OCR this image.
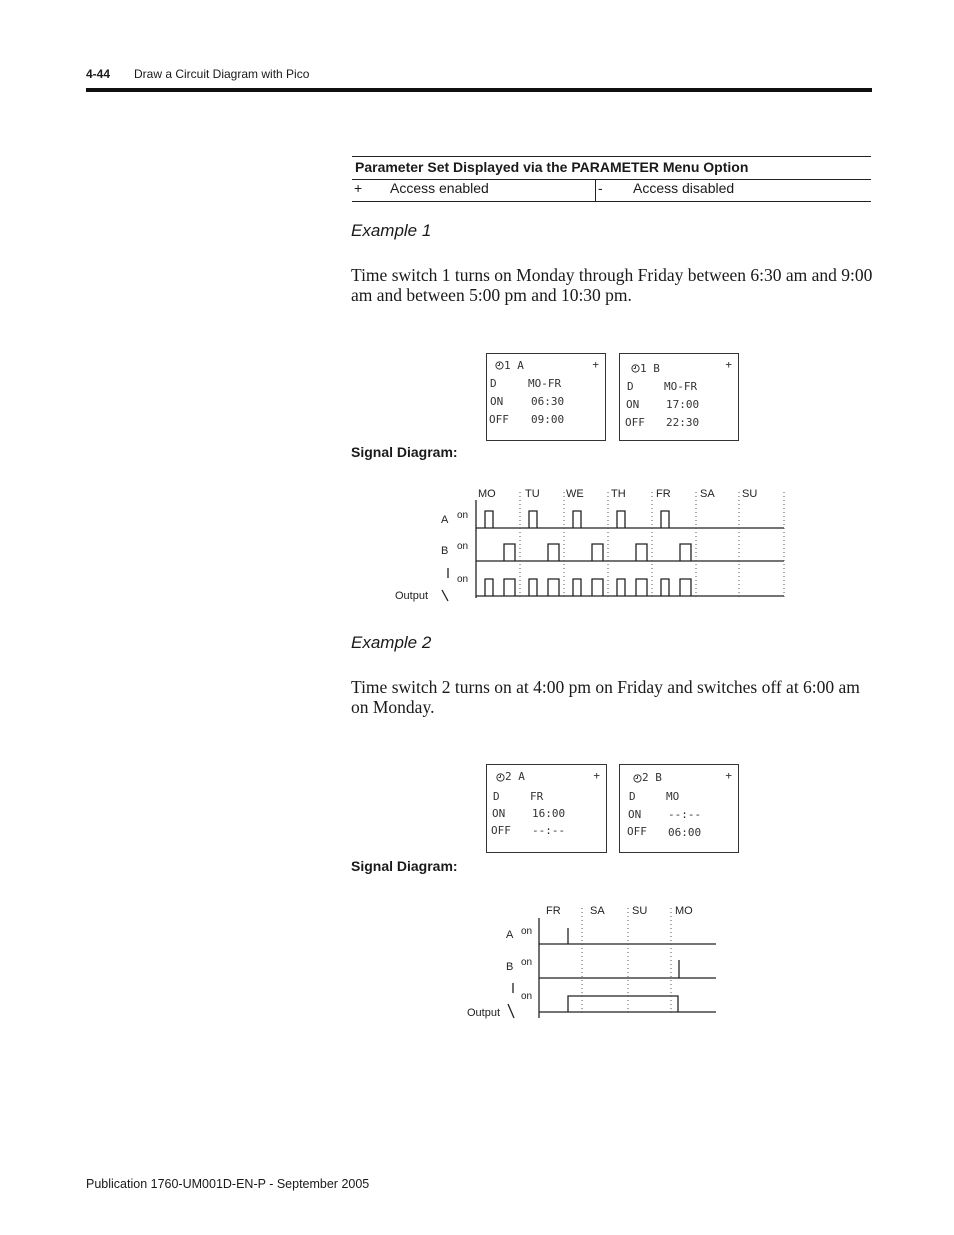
4-44 Draw a Circuit Diagram with Pico
Parameter Set Displayed via the PARAMETER Menu Option
+ Access enabled	- Access disabled
Example 1
Time switch 1 turns on Monday through Friday between 6:30 am and 9:00 am and between 5:00 pm and 10:30 pm.
1 A	+
D	MO-FR
ON	06:30
OFF 09:00
1 B	+
D	MO-FR
ON 17:00
OFF 22:30
Signal Diagram:
MO	TU WE TH	FR	SA SU
A
B
Output
on
on
on
Example 2
Time switch 2 turns on at 4:00 pm on Friday and switches off at 6:00 am on Monday.
2 A	+
D	FR
ON 16:00
OFF --:--
2 B	+
D	MO
ON --:--
OFF 06:00
Signal Diagram:
FR	SA SU	MO
A
B
Output
on
on
on
Publication 1760-UM001D-EN-P - September 2005
